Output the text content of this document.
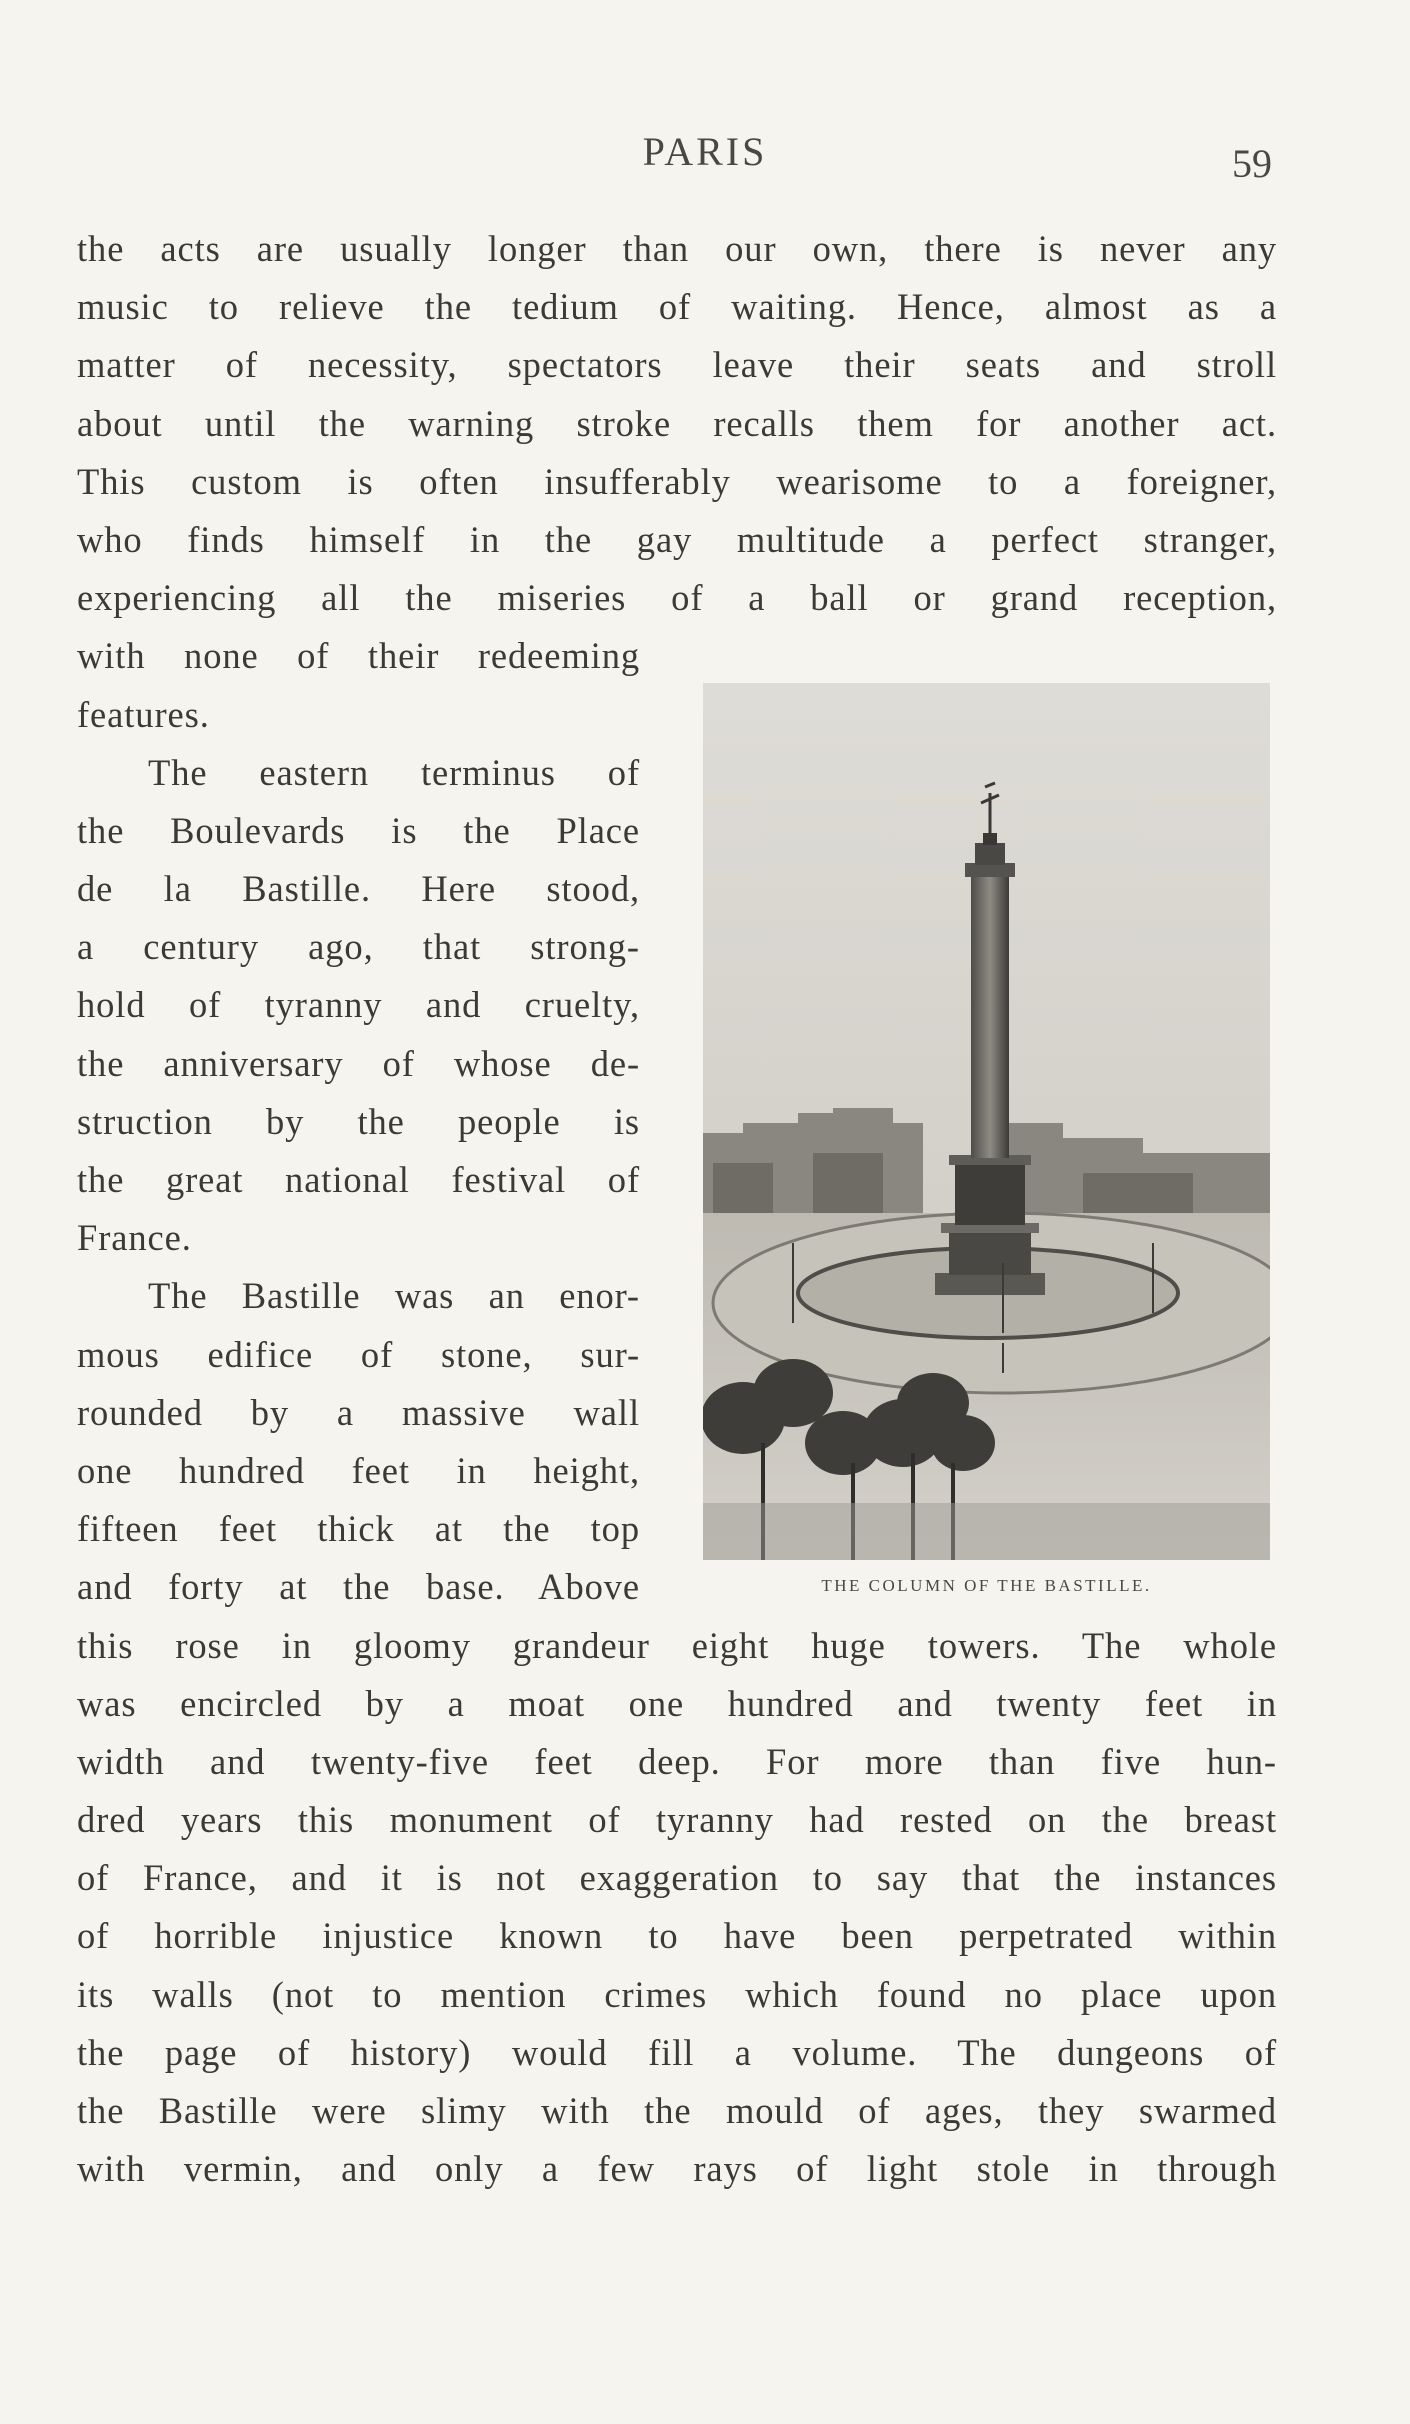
PARIS	59
the acts are usually longer than our own, there is never any
music to relieve the tedium of waiting. Hence, almost as a
matter of necessity, spectators leave their seats and stroll
about until the warning stroke recalls them for another act.
This custom is often insufferably wearisome to a foreigner,
who finds himself in the gay multitude a perfect stranger,
experiencing all the miseries of a ball or grand reception,
with none of their redeeming
features.
The eastern terminus of
the Boulevards is the Place
de la Bastille. Here stood,
a century ago, that strong-
hold of tyranny and cruelty,
the anniversary of whose de-
struction by the people is
the great national festival of
France.
The Bastille was an enor-
mous edifice of stone, sur-
rounded by a massive wall
one hundred feet in height,
fifteen feet thick at the top
and forty at the base. Above
this rose in gloomy grandeur eight huge towers. The whole
was encircled by a moat one hundred and twenty feet in
width and twenty-five feet deep. For more than five hun-
dred years this monument of tyranny had rested on the breast
of France, and it is not exaggeration to say that the instances
of horrible injustice known to have been perpetrated within
its walls (not to mention crimes which found no place upon
the page of history) would fill a volume. The dungeons of
the Bastille were slimy with the mould of ages, they swarmed
with vermin, and only a few rays of light stole in through
THE COLUMN OF THE BASTILLE.
